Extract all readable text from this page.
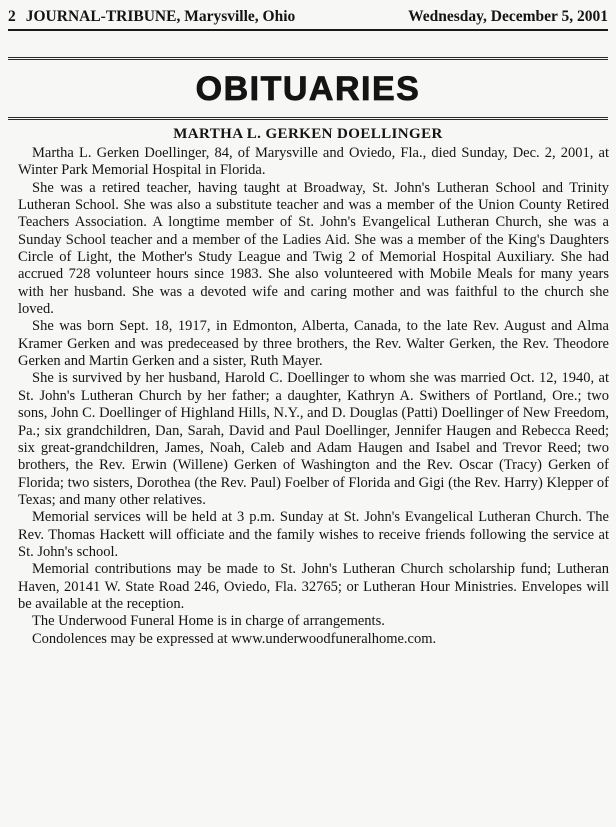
2 JOURNAL-TRIBUNE, Marysville, Ohio	Wednesday, December 5, 2001
OBITUARIES
MARTHA L. GERKEN DOELLINGER

Martha L. Gerken Doellinger, 84, of Marysville and Oviedo, Fla., died Sunday, Dec. 2, 2001, at Winter Park Memorial Hospital in Florida.

She was a retired teacher, having taught at Broadway, St. John's Lutheran School and Trinity Lutheran School. She was also a substitute teacher and was a member of the Union County Retired Teachers Association. A longtime member of St. John's Evangelical Lutheran Church, she was a Sunday School teacher and a member of the Ladies Aid. She was a member of the King's Daughters Circle of Light, the Mother's Study League and Twig 2 of Memorial Hospital Auxiliary. She had accrued 728 volunteer hours since 1983. She also volunteered with Mobile Meals for many years with her husband. She was a devoted wife and caring mother and was faithful to the church she loved.

She was born Sept. 18, 1917, in Edmonton, Alberta, Canada, to the late Rev. August and Alma Kramer Gerken and was predeceased by three brothers, the Rev. Walter Gerken, the Rev. Theodore Gerken and Martin Gerken and a sister, Ruth Mayer.

She is survived by her husband, Harold C. Doellinger to whom she was married Oct. 12, 1940, at St. John's Lutheran Church by her father; a daughter, Kathryn A. Swithers of Portland, Ore.; two sons, John C. Doellinger of Highland Hills, N.Y., and D. Douglas (Patti) Doellinger of New Freedom, Pa.; six grandchildren, Dan, Sarah, David and Paul Doellinger, Jennifer Haugen and Rebecca Reed; six great-grandchildren, James, Noah, Caleb and Adam Haugen and Isabel and Trevor Reed; two brothers, the Rev. Erwin (Willene) Gerken of Washington and the Rev. Oscar (Tracy) Gerken of Florida; two sisters, Dorothea (the Rev. Paul) Foelber of Florida and Gigi (the Rev. Harry) Klepper of Texas; and many other relatives.

Memorial services will be held at 3 p.m. Sunday at St. John's Evangelical Lutheran Church. The Rev. Thomas Hackett will officiate and the family wishes to receive friends following the service at St. John's school.

Memorial contributions may be made to St. John's Lutheran Church scholarship fund; Lutheran Haven, 20141 W. State Road 246, Oviedo, Fla. 32765; or Lutheran Hour Ministries. Envelopes will be available at the reception.

The Underwood Funeral Home is in charge of arrangements.

Condolences may be expressed at www.underwoodfuneralhome.com.
